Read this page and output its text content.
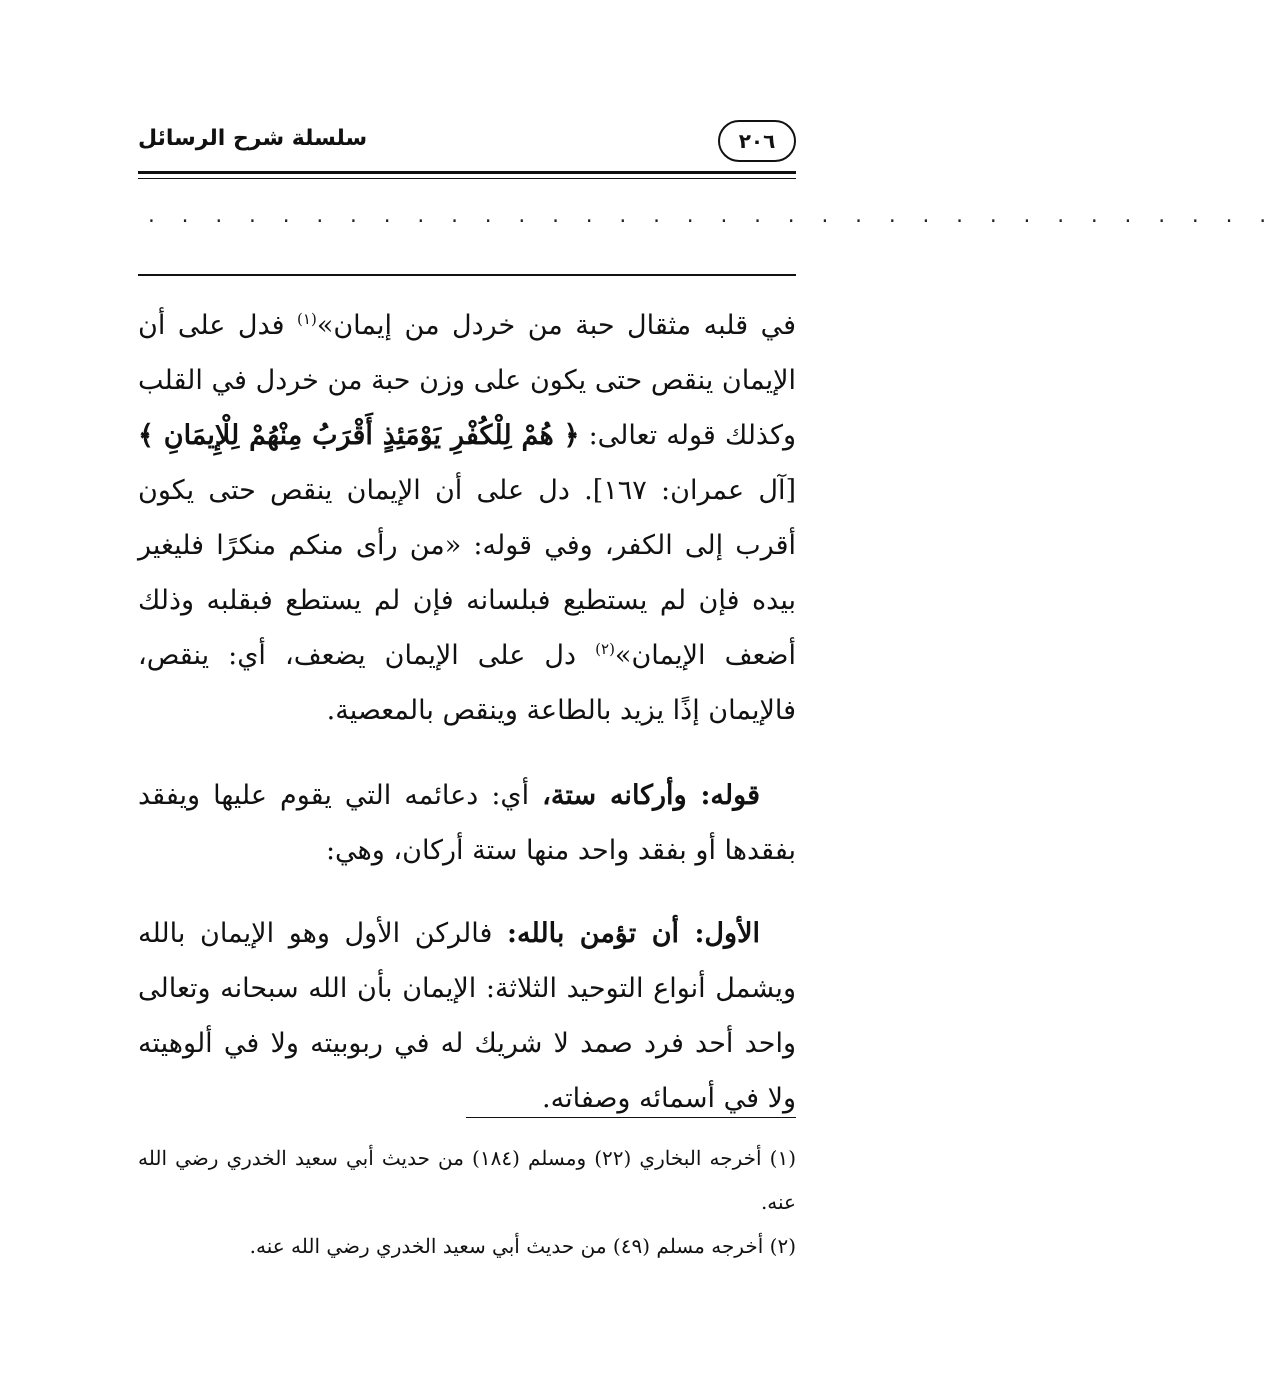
سلسلة شرح الرسائل	٢٠٦
. . . . . . . . . . . . . . . . . . . . . . . . . . . . . . . . . .

في قلبه مثقال حبة من خردل من إيمان»$^{(١)}$ فدل على أن الإيمان ينقص حتى يكون على وزن حبة من خردل في القلب وكذلك قوله تعالى: ﴿ هُمْ لِلْكُفْرِ يَوْمَئِذٍ أَقْرَبُ مِنْهُمْ لِلْإِيمَانِ ﴾ [آل عمران: ١٦٧]. دل على أن الإيمان ينقص حتى يكون أقرب إلى الكفر، وفي قوله: «من رأى منكم منكرًا فليغير بيده فإن لم يستطيع فبلسانه فإن لم يستطع فبقلبه وذلك أضعف الإيمان»$^{(٢)}$ دل على الإيمان يضعف، أي: ينقص، فالإيمان إذًا يزيد بالطاعة وينقص بالمعصية.

قوله: وأركانه ستة، أي: دعائمه التي يقوم عليها ويفقد بفقدها أو بفقد واحد منها ستة أركان، وهي:

الأول: أن تؤمن بالله: فالركن الأول وهو الإيمان بالله ويشمل أنواع التوحيد الثلاثة: الإيمان بأن الله سبحانه وتعالى واحد أحد فرد صمد لا شريك له في ربوبيته ولا في ألوهيته ولا في أسمائه وصفاته.

(١) أخرجه البخاري (٢٢) ومسلم (١٨٤) من حديث أبي سعيد الخدري رضي الله عنه.

(٢) أخرجه مسلم (٤٩) من حديث أبي سعيد الخدري رضي الله عنه.
